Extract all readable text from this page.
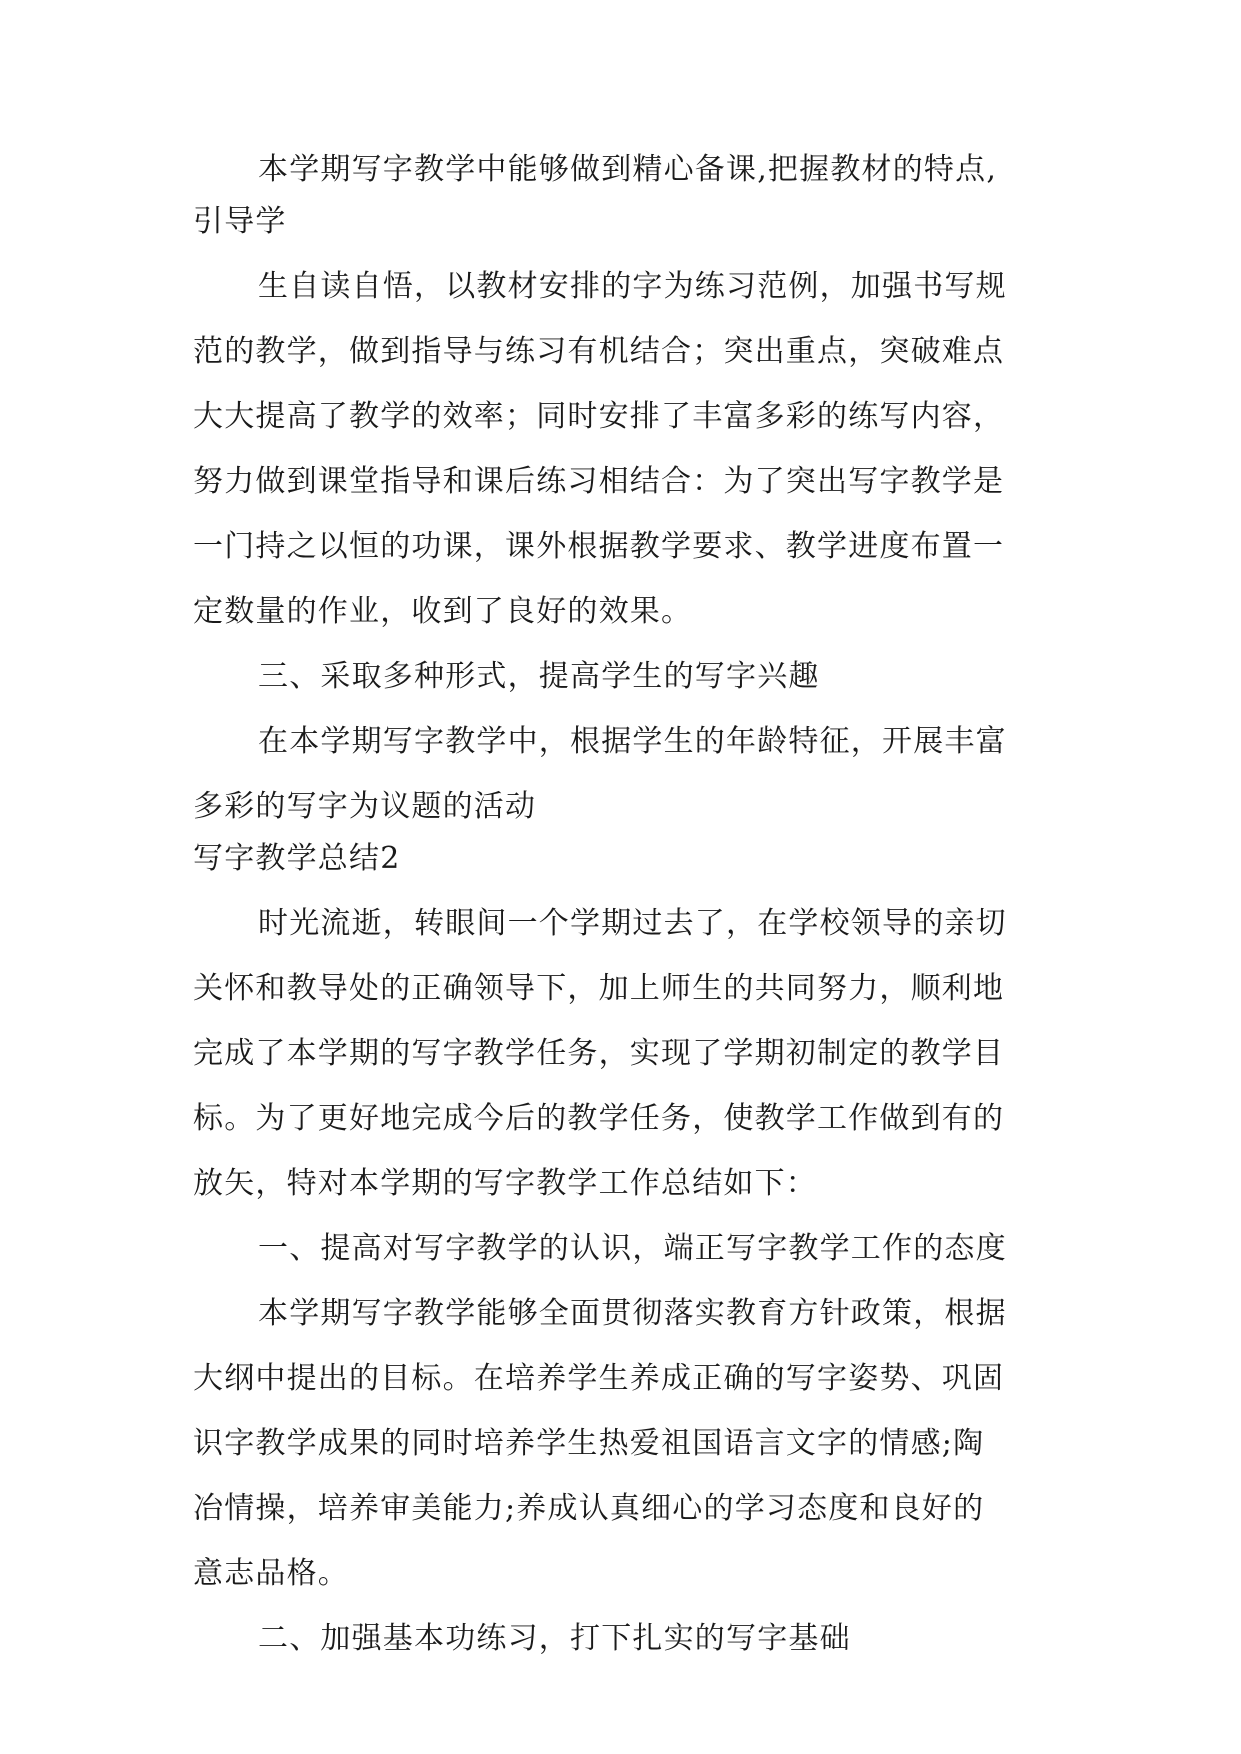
本学期写字教学中能够做到精心备课,把握教材的特点,
引导学
生自读自悟，以教材安排的字为练习范例，加强书写规
范的教学，做到指导与练习有机结合；突出重点，突破难点
大大提高了教学的效率；同时安排了丰富多彩的练写内容，
努力做到课堂指导和课后练习相结合：为了突出写字教学是
一门持之以恒的功课，课外根据教学要求、教学进度布置一
定数量的作业，收到了良好的效果。
三、采取多种形式，提高学生的写字兴趣
在本学期写字教学中，根据学生的年龄特征，开展丰富
多彩的写字为议题的活动
写字教学总结2
时光流逝，转眼间一个学期过去了，在学校领导的亲切
关怀和教导处的正确领导下，加上师生的共同努力，顺利地
完成了本学期的写字教学任务，实现了学期初制定的教学目
标。为了更好地完成今后的教学任务，使教学工作做到有的
放矢，特对本学期的写字教学工作总结如下：
一、提高对写字教学的认识，端正写字教学工作的态度
本学期写字教学能够全面贯彻落实教育方针政策，根据
大纲中提出的目标。在培养学生养成正确的写字姿势、巩固
识字教学成果的同时培养学生热爱祖国语言文字的情感;陶
冶情操，培养审美能力;养成认真细心的学习态度和良好的
意志品格。
二、加强基本功练习，打下扎实的写字基础
